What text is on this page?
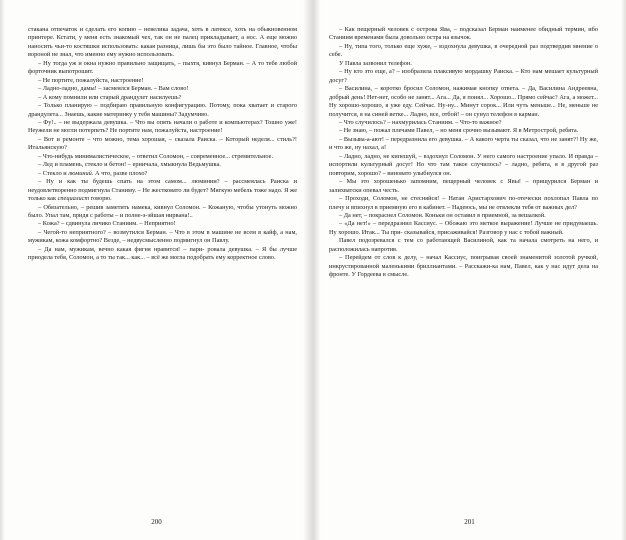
стакана отпечаток и сделать его копию – невелика задача, хоть в латексе, хоть на обыкновенном принтере. Кстати, у меня есть знакомый чех, так он не палец прикладывает, а нос. А еще можно наносить чьи-то костяшки использовать: какая разница, лишь бы это было тайное. Главное, чтобы вороной не знал, что именно ему нужно использовать.

– Ну тогда уж и окна нужно правильно защищать, – пыхтя, кивнул Берман. – А то тебе любой форточник выпотрошит.

– Не портите, пожалуйста, настроение!

– Ладно-ладно, дамы! – засмеялся Берман. – Вам слово!

– А кому помнили или старый драндулет насилуешь?

– Только планирую – подбираю правильную конфигурацию. Потому, пока хватает и старого драндулета... Знаешь, какие материнку у тебя машины? Задумчиво.

– Фу!.. – не выдержала девушка. – Что вы опять начали о работе и компьютерах? Тошно уже! Неужели не могли потерпеть? Не портите нам, пожалуйста, настроение!

– Вот и ремонте – что можно, тема хорошая, – сказала Раиска. – Который неделя... стиль?! Итальянскую?

– Что-нибудь минималистическое, – ответил Соломон, – современное... стремительное.

– Лед и пламень, стекло и бетон! – ерничала, хмыкнула Ведьмушка.

– Стекло и люминий. А что, разве плохо?

– Ну и как ты будешь спать на этом самом... люминии? – рассмеялась Раиска и неудовлетворенно подмигнула Станиму. – Не жестковато ли будет? Мягкую мебель тоже надо. Я же только как специалист говорю.

– Обязательно, – решив заметить намека, кивнул Соломон. – Кожаную, чтобы утонуть можно было. Упал там, придя с работы – и полне-э-эйшая нирвана!..

– Кожа? – сдвинула личико Станиим. – Неприятно!

– Чегой-то неприятного? – возмутился Берман. – Что в этом в машине не всем в кайф, а нам, мужикам, кожа комфортно? Везде, – недвусмысленно подмигнул он Павлу.

– Да нам, мужикам, вечно какая фигня нравится! – пари- ровала девушка. – Я бы лучше приодела тебя, Соломон, а то ты так... как... – всё же могла подобрать ему корректное слово.

200

– Как пещерный человек с острова Ява, – подсказал Берман наименее обидный термин, ибо Станиим временами была довольно остра на язычок.

– Ну, типа того, только еще хуже, – вздохнула девушка, в очередной раз подтвердив мнение о себе.

У Павла зазвонил телефон.

– Ну кто это еще, а? – изобразила плаксивую мордашку Раиска. – Кто нам мешает культурный досуг?

– Василина, – коротко бросил Соломон, нажимая кнопку ответа. – Да, Василина Андреевна, добрый день! Нет-нет, особо не занят... Ага... Да, я понял... Хорошо... Прямо сейчас? Ага, а может... Ну хорошо-хорошо, я уже еду. Сейчас. Ну-ну... Минут сорок... Или чуть меньше... Не, меньше не получится, я на синей ветке... Ладно, все, отбой! – он сунул телефон в карман.

– Что случилось? – нахмурилась Станиим. – Что-то важное?

– Не знаю, – пожал плечами Павел, – но меня срочно вызывают. Я в Метрострой, ребята.

– Вызыва-а-ают! – передразнила его девушка. – А какого черта ты сказал, что не занят?! Ну же, и что же, ну нахал, а!

– Ладно, ладно, не кипешуй, – вздохнул Соломон. У него самого настроение упало. И правда – испортили культурный досуг! Но что там такое случилось? – ладно, ребята, я в другой раз повторим, хорошо? – виновато улыбнулся он.

– Мы это хорошенько запомним, пещерный человек с Явы! – прищурился Берман и залихватски опевал честь.

– Проходи, Соломон, не стесняйся! – Натан Аристархович по-отечески похлопал Павла по плечу и впихнул в приемную его в кабинет. – Надеюсь, мы не отвлекли тебя от важных дел?

– Да нет, – покраснел Соломон. Коньки он оставил в приемной, за вешалкой.

– «Да нет!» – передразнил Кассиус. – Обожаю это меткое выражение! Лучше не придумаешь. Ну хорошо. Итак... Ты при- сказывайся, присаживайся! Разговор у нас с тобой важный.

Павел подозревался с тем со работающей Василиной, как та начала смотреть на него, и расположилась напротив.

– Перейдем от слов к делу, – начал Кассиус, поигрывая своей знаменитой золотой ручкой, инкрустированной маленькими бриллиантами. – Расскажи-ка нам, Павел, как у нас идут дела на фронте. У Гордеева в смысле.

201
